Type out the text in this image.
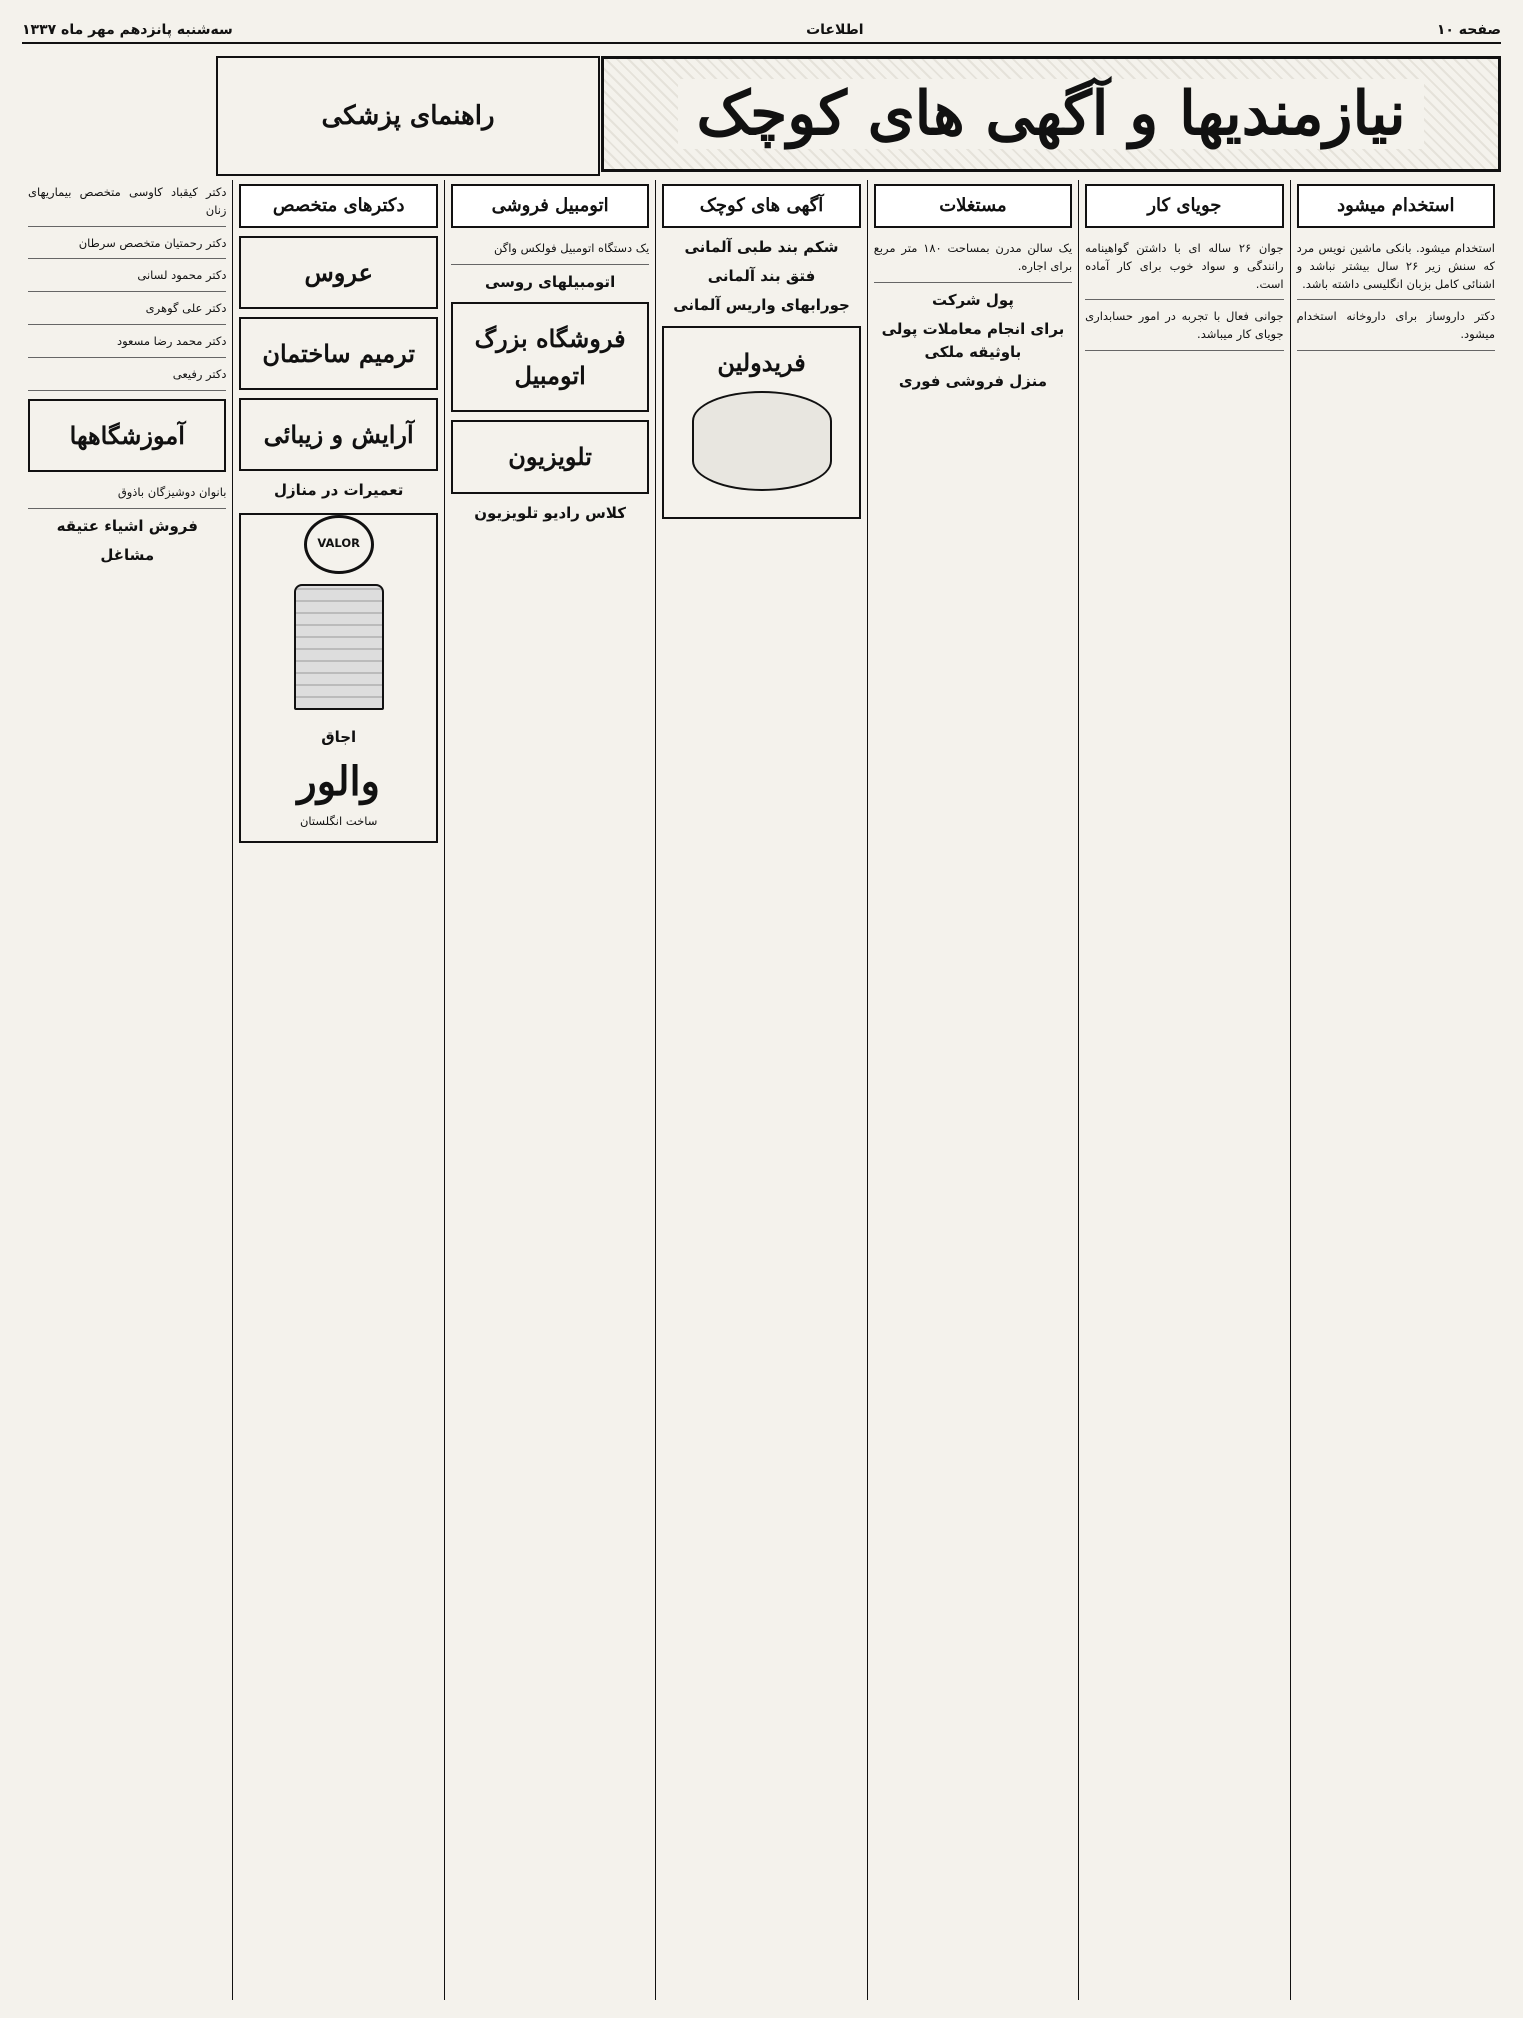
صفحه ۱۰
اطلاعات
سه‌شنبه پانزدهم مهر ماه ۱۳۳۷
نیازمندیها و آگهی های کوچک
راهنمای پزشکی
استخدام میشود

استخدام میشود. بانکی ماشین نویس مرد که سنش زیر ۲۶ سال بیشتر نباشد و اشنائی کامل بزبان انگلیسی داشته باشد.

دکتر داروساز برای داروخانه استخدام میشود.

جویای کار

جوان ۲۶ ساله ای با داشتن گواهینامه رانندگی و سواد خوب برای کار آماده است.

جوانی فعال با تجربه در امور حسابداری جویای کار میباشد.

مستغلات

یک سالن مدرن بمساحت ۱۸۰ متر مربع برای اجاره.

پول شرکت
برای انجام معاملات پولی باوثیقه ملکی
منزل فروشی فوری
آگهی های کوچک
شکم بند طبی آلمانی
فتق بند آلمانی
جورابهای واریس آلمانی
فریدولین
اتومبیل فروشی

یک دستگاه اتومبیل فولکس واگن

اتومبیلهای روسی
فروشگاه بزرگ اتومبیل
تلویزیون
کلاس رادیو تلویزیون
دکترهای متخصص
عروس
ترمیم ساختمان
آرایش و زیبائی
تعمیرات در منازل
VALOR
اجاق
والور
ساخت انگلستان

دکتر کیقباد کاوسی متخصص بیماریهای زنان

دکتر رحمتیان متخصص سرطان

دکتر محمود لسانی

دکتر علی گوهری

دکتر محمد رضا مسعود

دکتر رفیعی

آموزشگاهها

بانوان دوشیزگان باذوق

فروش اشیاء عتیقه
مشاغل
